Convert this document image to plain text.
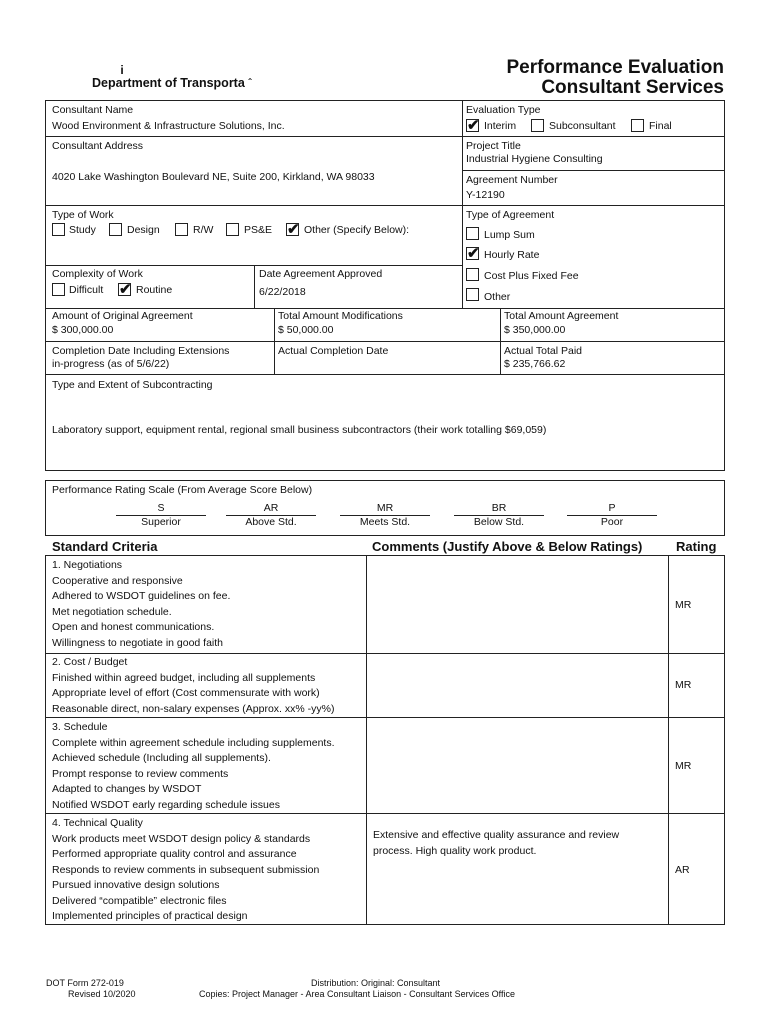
i
Department of Transporta $^ˆ$
Performance Evaluation
Consultant Services
Consultant Name
Wood Environment & Infrastructure Solutions, Inc.
Evaluation Type
✔ Interim	Subconsultant	Final
Consultant Address
4020 Lake Washington Boulevard NE, Suite 200, Kirkland, WA 98033
Project Title
Industrial Hygiene Consulting
Agreement Number
Y-12190
Type of Work
Study	Design	R/W	PS&E ✔ Other (Specify Below):
Type of Agreement
Lump Sum
✔ Hourly Rate
Cost Plus Fixed Fee
Other
Complexity of Work
Difficult ✔ Routine
Date Agreement Approved
6/22/2018
Amount of Original Agreement
$ 300,000.00
Total Amount Modifications
$ 50,000.00
Total Amount Agreement
$ 350,000.00
Completion Date Including Extensions
in-progress (as of 5/6/22)
Actual Completion Date	Actual Total Paid
$ 235,766.62
Type and Extent of Subcontracting
Laboratory support, equipment rental, regional small business subcontractors (their work totalling $69,059)
Performance Rating Scale (From Average Score Below)
S
Superior
AR
Above Std.
MR
Meets Std.
BR
Below Std.
P
Poor
Standard Criteria	Comments (Justify Above & Below Ratings)	Rating
1. Negotiations
Cooperative and responsive
Adhered to WSDOT guidelines on fee.
Met negotiation schedule.
Open and honest communications.
Willingness to negotiate in good faith
MR
2. Cost / Budget
Finished within agreed budget, including all supplements
Appropriate level of effort (Cost commensurate with work)
Reasonable direct, non-salary expenses (Approx. xx% -yy%)
MR
3. Schedule
Complete within agreement schedule including supplements.
Achieved schedule (Including all supplements).
Prompt response to review comments
Adapted to changes by WSDOT
Notified WSDOT early regarding schedule issues
MR
4. Technical Quality
Work products meet WSDOT design policy & standards
Performed appropriate quality control and assurance
Responds to review comments in subsequent submission
Pursued innovative design solutions
Delivered “compatible” electronic files
Implemented principles of practical design
Extensive and effective quality assurance and review process. High quality work product.
AR
DOT Form 272-019
Revised 10/2020
Distribution: Original: Consultant
Copies: Project Manager - Area Consultant Liaison - Consultant Services Office
